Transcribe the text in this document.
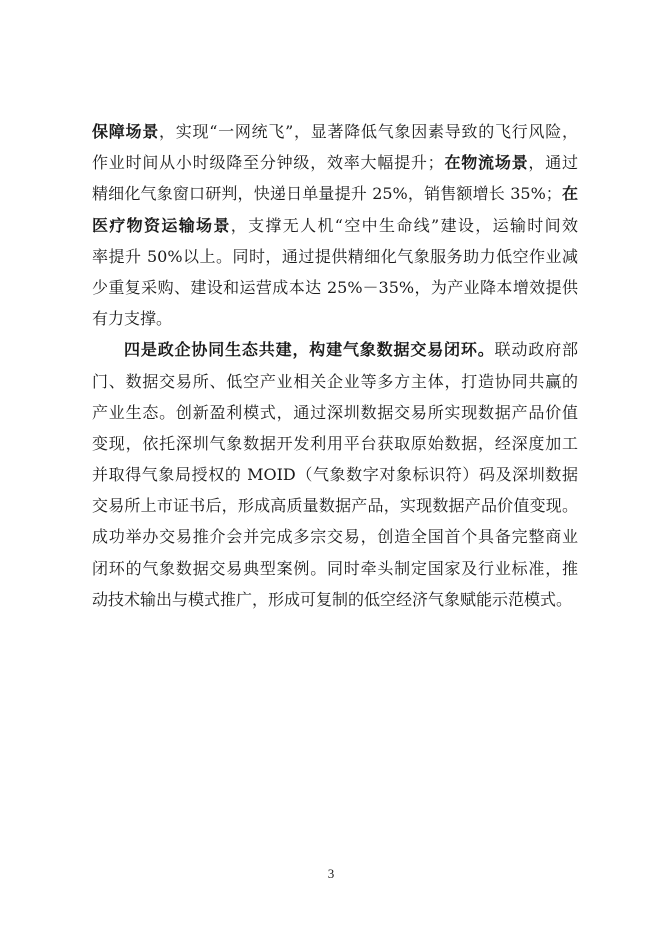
保障场景，实现“一网统飞”，显著降低气象因素导致的飞行风险，
作业时间从小时级降至分钟级，效率大幅提升；在物流场景，通过
精细化气象窗口研判，快递日单量提升 25%，销售额增长 35%；在
医疗物资运输场景，支撑无人机“空中生命线”建设，运输时间效
率提升 50%以上。同时，通过提供精细化气象服务助力低空作业减
少重复采购、建设和运营成本达 25%－35%，为产业降本增效提供
有力支撑。
四是政企协同生态共建，构建气象数据交易闭环。联动政府部
门、数据交易所、低空产业相关企业等多方主体，打造协同共赢的
产业生态。创新盈利模式，通过深圳数据交易所实现数据产品价值
变现，依托深圳气象数据开发利用平台获取原始数据，经深度加工
并取得气象局授权的 MOID（气象数字对象标识符）码及深圳数据
交易所上市证书后，形成高质量数据产品，实现数据产品价值变现。
成功举办交易推介会并完成多宗交易，创造全国首个具备完整商业
闭环的气象数据交易典型案例。同时牵头制定国家及行业标准，推
动技术输出与模式推广，形成可复制的低空经济气象赋能示范模式。
3
